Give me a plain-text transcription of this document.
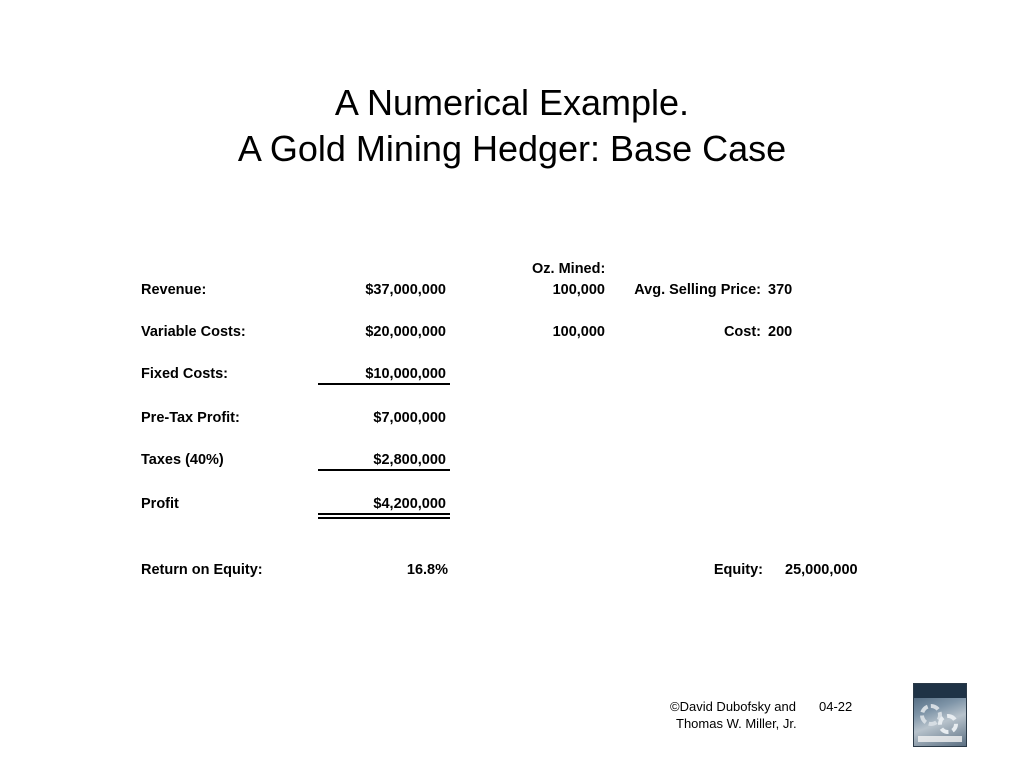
A Numerical Example.
A Gold Mining Hedger: Base Case
Oz. Mined:
Revenue:	$37,000,000	100,000	Avg. Selling Price: 370
Variable Costs:	$20,000,000	100,000	Cost: 200
Fixed Costs:	$10,000,000
Pre-Tax Profit:	$7,000,000
Taxes (40%)	$2,800,000
Profit	$4,200,000
Return on Equity:	16.8%	Equity: 25,000,000
©David Dubofsky and
Thomas W. Miller, Jr.
04-22
